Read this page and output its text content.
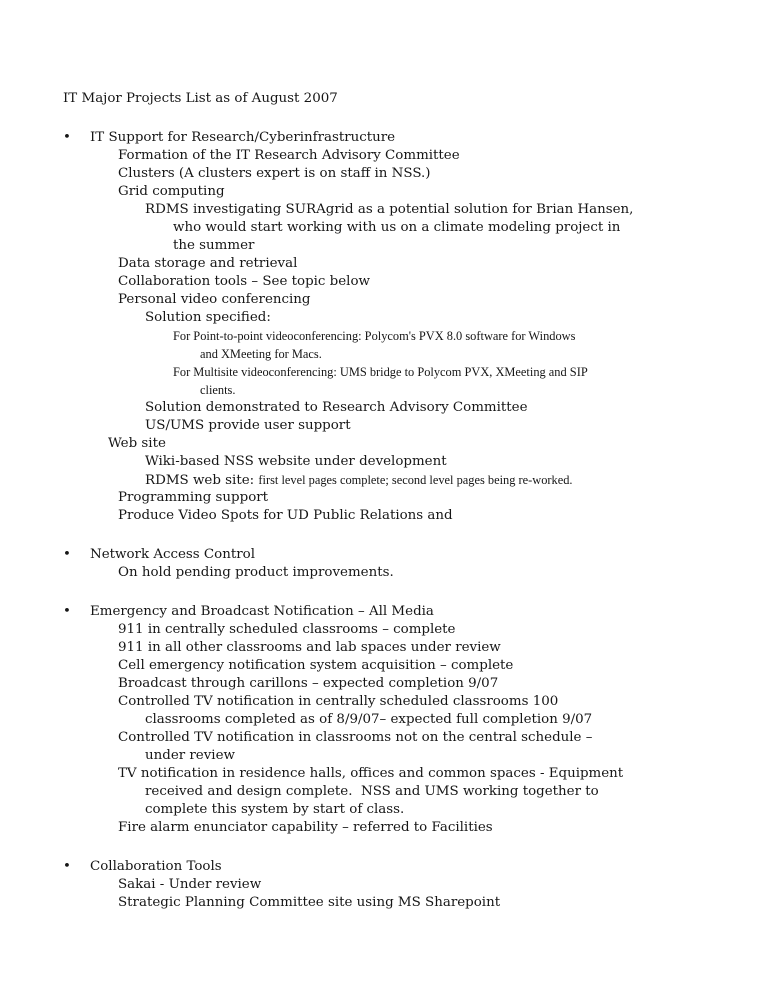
IT Major Projects List as of August 2007
• IT Support for Research/Cyberinfrastructure
Formation of the IT Research Advisory Committee
Clusters (A clusters expert is on staff in NSS.)
Grid computing
RDMS investigating SURAgrid as a potential solution for Brian Hansen,
who would start working with us on a climate modeling project in
the summer
Data storage and retrieval
Collaboration tools – See topic below
Personal video conferencing
Solution specified:
For Point-to-point videoconferencing: Polycom's PVX 8.0 software for Windows
and XMeeting for Macs.
For Multisite videoconferencing: UMS bridge to Polycom PVX, XMeeting and SIP
clients.
Solution demonstrated to Research Advisory Committee
US/UMS provide user support
Web site
Wiki-based NSS website under development
RDMS web site: first level pages complete; second level pages being re-worked.
Programming support
Produce Video Spots for UD Public Relations and
• Network Access Control
On hold pending product improvements.
• Emergency and Broadcast Notification – All Media
911 in centrally scheduled classrooms – complete
911 in all other classrooms and lab spaces under review
Cell emergency notification system acquisition – complete
Broadcast through carillons – expected completion 9/07
Controlled TV notification in centrally scheduled classrooms 100
classrooms completed as of 8/9/07– expected full completion 9/07
Controlled TV notification in classrooms not on the central schedule –
under review
TV notification in residence halls, offices and common spaces - Equipment
received and design complete.  NSS and UMS working together to
complete this system by start of class.
Fire alarm enunciator capability – referred to Facilities
• Collaboration Tools
Sakai - Under review
Strategic Planning Committee site using MS Sharepoint
